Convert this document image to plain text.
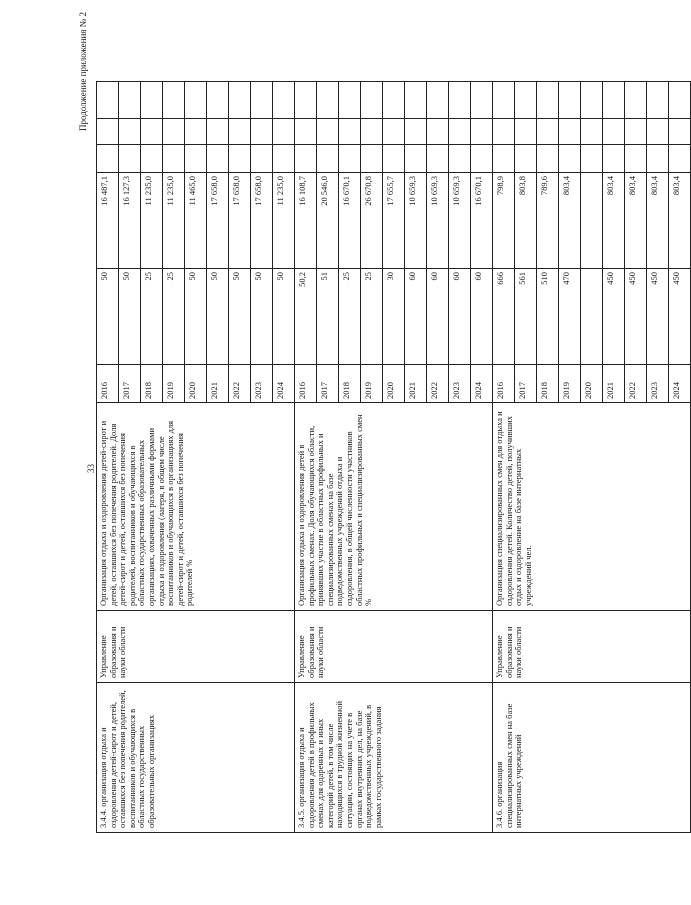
33
Продолжение приложения № 2
3.4.4. организация отдыха и оздоровления детей-сирот и детей, оставшихся без попечения родителей, воспитанников и обучающихся в областных государственных образовательных организациях
Управление образования и науки области
Организация отдыха и оздоровления детей-сирот и детей, оставшихся без попечения родителей. Доля детей-сирот и детей, оставшихся без попечения родителей, воспитанников и обучающихся в областных государственных образовательных организациях, охваченных различными формами отдыха и оздоровления (лагеря, в общем числе воспитанников и обучающихся в организациях для детей-сирот и детей, оставшихся без попечения родителей %
2016
50
16 487,1
2017
50
16 127,3
2018
25
11 235,0
2019
25
11 235,0
2020
50
11 465,0
2021
50
17 658,0
2022
50
17 658,0
2023
50
17 658,0
2024
50
11 235,0
3.4.5. организация отдыха и оздоровления детей в профильных сменах для одаренных и иных категорий детей, в том числе находящихся в трудной жизненной ситуации, состоящих на учете в органах внутренних дел, на базе подведомственных учреждений, в рамках государственного задания
Управление образования и науки области
Организация отдыха и оздоровления детей в профильных сменах. Доля обучающихся области, принявших участие в областных профильных и специализированных сменах на базе подведомственных учреждений отдыха и оздоровления, в общей численности участников областных профильных и специализированных смен %
2016
50,2
16 108,7
2017
51
20 546,0
2018
25
16 670,1
2019
25
26 670,8
2020
30
17 655,7
2021
60
10 659,3
2022
60
10 659,3
2023
60
10 659,3
2024
60
16 670,1
3.4.6. организация специализированных смен на базе интернатных учреждений
Управление образования и науки области
Организация специализированных смен для отдыха и оздоровления детей. Количество детей, получивших отдых и оздоровление на базе интернатных учреждений чел.
2016
666
798,9
2017
561
803,8
2018
510
789,6
2019
470
803,4
2020	2021
450
803,4
2022
450
803,4
2023
450
803,4
2024
450
803,4
